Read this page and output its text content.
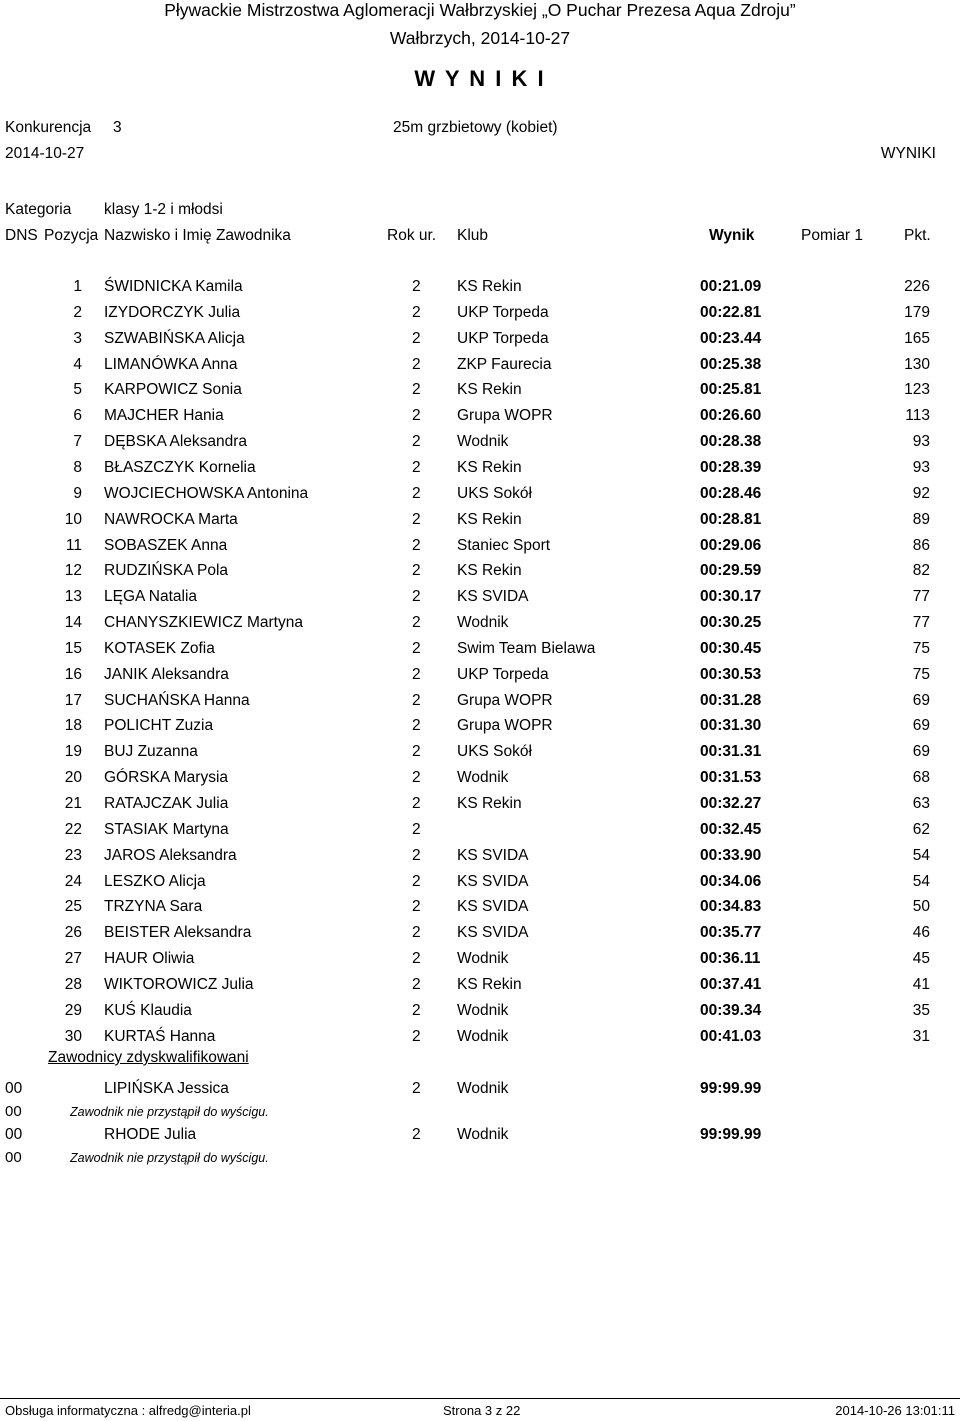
Pływackie Mistrzostwa Aglomeracji Wałbrzyskiej „O Puchar Prezesa Aqua Zdroju”
Wałbrzych, 2014-10-27
W Y N I K I
Konkurencja 3	25m grzbietowy (kobiet)
2014-10-27	WYNIKI
Kategoria klasy 1-2 i młodsi
DNS Pozycja Nazwisko i Imię Zawodnika	Rok ur. Klub	Wynik	Pomiar 1	Pkt.
1 ŚWIDNICKA Kamila	2 KS Rekin	00:21.09	226
2 IZYDORCZYK Julia	2 UKP Torpeda	00:22.81	179
3 SZWABIŃSKA Alicja	2 UKP Torpeda	00:23.44	165
4 LIMANÓWKA Anna	2 ZKP Faurecia	00:25.38	130
5 KARPOWICZ Sonia	2 KS Rekin	00:25.81	123
6 MAJCHER Hania	2 Grupa WOPR	00:26.60	113
7 DĘBSKA Aleksandra	2 Wodnik	00:28.38	93
8 BŁASZCZYK Kornelia	2 KS Rekin	00:28.39	93
9 WOJCIECHOWSKA Antonina	2 UKS Sokół	00:28.46	92
10 NAWROCKA Marta	2 KS Rekin	00:28.81	89
11 SOBASZEK Anna	2 Staniec Sport	00:29.06	86
12 RUDZIŃSKA Pola	2 KS Rekin	00:29.59	82
13 LĘGA Natalia	2 KS SVIDA	00:30.17	77
14 CHANYSZKIEWICZ Martyna	2 Wodnik	00:30.25	77
15 KOTASEK Zofia	2 Swim Team Bielawa	00:30.45	75
16 JANIK Aleksandra	2 UKP Torpeda	00:30.53	75
17 SUCHAŃSKA Hanna	2 Grupa WOPR	00:31.28	69
18 POLICHT Zuzia	2 Grupa WOPR	00:31.30	69
19 BUJ Zuzanna	2 UKS Sokół	00:31.31	69
20 GÓRSKA Marysia	2 Wodnik	00:31.53	68
21 RATAJCZAK Julia	2 KS Rekin	00:32.27	63
22 STASIAK Martyna	2	00:32.45	62
23 JAROS Aleksandra	2 KS SVIDA	00:33.90	54
24 LESZKO Alicja	2 KS SVIDA	00:34.06	54
25 TRZYNA Sara	2 KS SVIDA	00:34.83	50
26 BEISTER Aleksandra	2 KS SVIDA	00:35.77	46
27 HAUR Oliwia	2 Wodnik	00:36.11	45
28 WIKTOROWICZ Julia	2 KS Rekin	00:37.41	41
29 KUŚ Klaudia	2 Wodnik	00:39.34	35
30 KURTAŚ Hanna	2 Wodnik	00:41.03	31
Zawodnicy zdyskwalifikowani
00	LIPIŃSKA Jessica	2 Wodnik	99:99.99
00	Zawodnik nie przystąpił do wyścigu.
00	RHODE Julia	2 Wodnik	99:99.99
00	Zawodnik nie przystąpił do wyścigu.
Obsługa informatyczna : alfredg@interia.pl	Strona 3 z 22	2014-10-26 13:01:11
